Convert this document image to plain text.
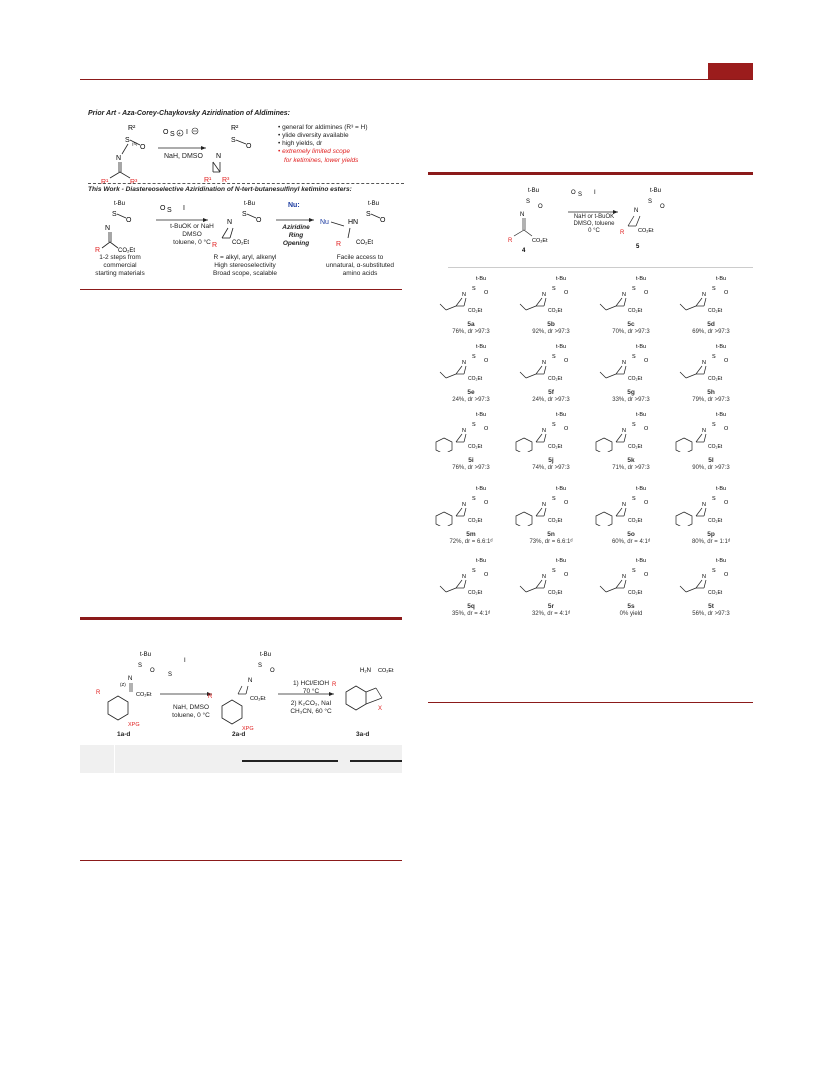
Prior Art - Aza-Corey-Chaykovsky Aziridination of Aldimines:
R²
S
O
(S)
N
R¹	R³
O S + I
R²
S
O
N
R¹ R³
NaH, DMSO
• general for aldimines (R³ = H)
• ylide diversity available
• high yields, dr
• extremely limited scope
for ketimines, lower yields
This Work - Diastereoselective Aziridination of N-tert-butanesulfinyl ketimino esters:
t-Bu
S
O
N
R	CO₂Et
O S I
t-Bu
S
O
N
R CO₂Et
t-Bu
S
O
HN
Nu
R CO₂Et
t-BuOK or NaH
DMSO
toluene, 0 °C
Nu:
Aziridine
Ring Opening
1-2 steps from
commercial
starting materials
R = alkyl, aryl, alkenyl
High stereoselectivity
Broad scope, scalable
Facile access to
unnatural, α-substituted
amino acids
t-Bu
S
O
N
R	CO₂Et
4
O S I	t-Bu
S
O
N
R CO₂Et
5
NaH or t-BuOK
DMSO, toluene
0 °C
t-Bu
S
O
N
CO₂Et
5a
76%, dr >97:3
t-Bu
S
O
N
CO₂Et
5b
92%, dr >97:3
t-Bu
S
O
N
CO₂Et
5c
70%, dr >97:3
t-Bu
S
O
N
CO₂Et
5d
69%, dr >97:3
t-Bu
S
O
N
CO₂Et
5e
24%, dr >97:3
t-Bu
S
O
N
CO₂Et
5f
24%, dr >97:3
t-Bu
S
O
N
CO₂Et
5g
33%, dr >97:3
t-Bu
S
O
N
CO₂Et
5h
79%, dr >97:3
t-Bu
S
O
N
CO₂Et
5i
76%, dr >97:3
t-Bu
S
O
N
CO₂Et
5j
74%, dr >97:3
t-Bu
S
O
N
CO₂Et
5k
71%, dr >97:3
t-Bu
S
O
N
CO₂Et
5l
90%, dr >97:3
t-Bu
S
O
N
CO₂Et
5m
72%, dr = 6.6:1ᵈ
t-Bu
S
O
N
CO₂Et
5n
73%, dr = 6.6:1ᵈ
t-Bu
S
O
N
CO₂Et
5o
60%, dr = 4:1ᵈ
t-Bu
S
O
N
CO₂Et
5p
80%, dr = 1:1ᵈ
t-Bu
S
O
N
CO₂Et
5q
35%, dr = 4:1ᵈ
t-Bu
S
O
N
CO₂Et
5r
32%, dr = 4:1ᵈ
t-Bu
S
O
N
CO₂Et
5s
0% yield
t-Bu
S
O
N
CO₂Et
5t
56%, dr >97:3
t-Bu
S
O
N
(Z)
CO₂Et
R
XPG
S
I
t-Bu
S
O
N
CO₂Et
R
XPG
H₂N CO₂Et
X
R
NaH, DMSO
toluene, 0 °C
1) HCl/EtOH
70 °C
2) K₂CO₃, NaI
CH₃CN, 60 °C
1a-d	2a-d	3a-d
